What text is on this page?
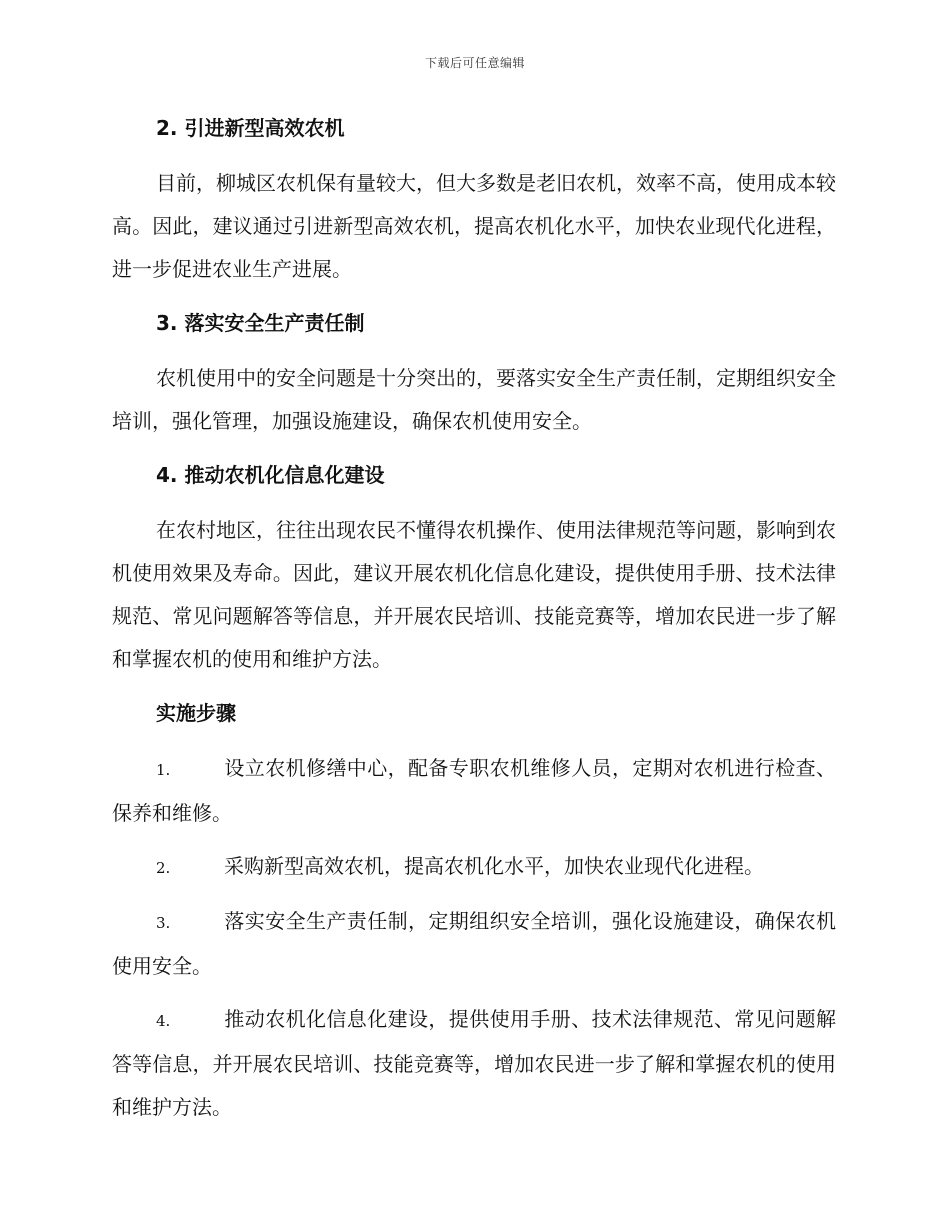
下载后可任意编辑
2. 引进新型高效农机

目前，柳城区农机保有量较大，但大多数是老旧农机，效率不高，使用成本较高。因此，建议通过引进新型高效农机，提高农机化水平，加快农业现代化进程，进一步促进农业生产进展。

3. 落实安全生产责任制

农机使用中的安全问题是十分突出的，要落实安全生产责任制，定期组织安全培训，强化管理，加强设施建设，确保农机使用安全。

4. 推动农机化信息化建设

在农村地区，往往出现农民不懂得农机操作、使用法律规范等问题，影响到农机使用效果及寿命。因此，建议开展农机化信息化建设，提供使用手册、技术法律规范、常见问题解答等信息，并开展农民培训、技能竞赛等，增加农民进一步了解和掌握农机的使用和维护方法。

实施步骤

1.	设立农机修缮中心，配备专职农机维修人员，定期对农机进行检查、保养和维修。

2.	采购新型高效农机，提高农机化水平，加快农业现代化进程。

3.	落实安全生产责任制，定期组织安全培训，强化设施建设，确保农机使用安全。

4.	推动农机化信息化建设，提供使用手册、技术法律规范、常见问题解答等信息，并开展农民培训、技能竞赛等，增加农民进一步了解和掌握农机的使用和维护方法。
